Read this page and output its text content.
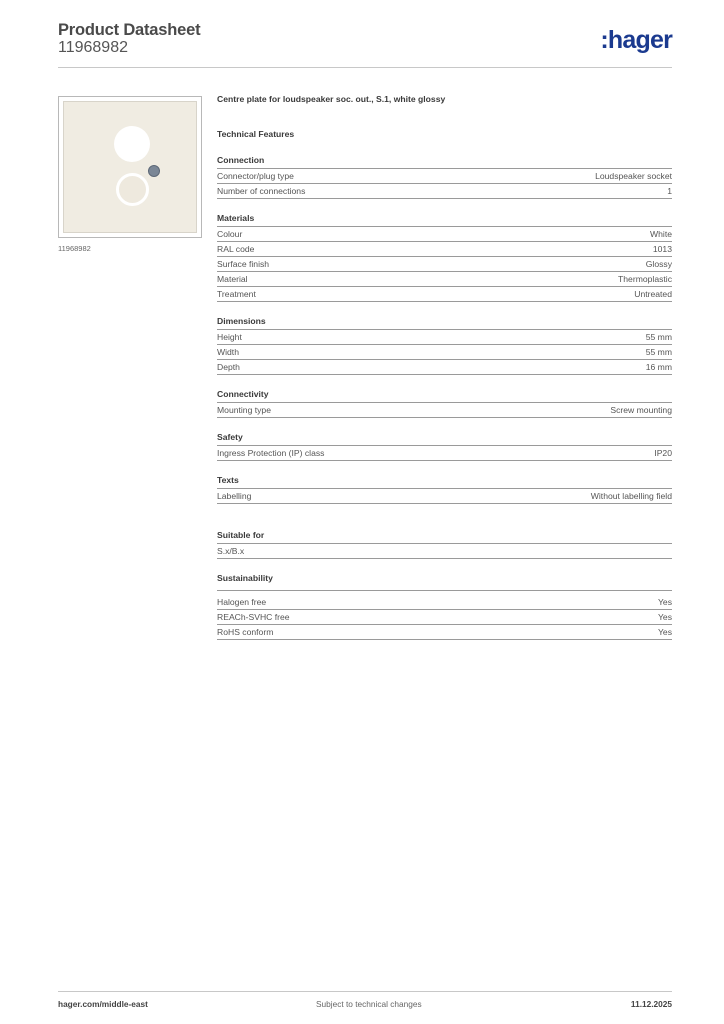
Product Datasheet
11968982	:hager
11968982
Centre plate for loudspeaker soc. out., S.1, white glossy
Technical Features
Connection
Connector/plug type	Loudspeaker socket
Number of connections	1
Materials
Colour	White
RAL code	1013
Surface finish	Glossy
Material	Thermoplastic
Treatment	Untreated
Dimensions
Height	55 mm
Width	55 mm
Depth	16 mm
Connectivity
Mounting type	Screw mounting
Safety
Ingress Protection (IP) class	IP20
Texts
Labelling	Without labelling field
Suitable for
S.x/B.x
Sustainability
Halogen free	Yes
REACh-SVHC free	Yes
RoHS conform	Yes
hager.com/middle-east	Subject to technical changes	11.12.2025
